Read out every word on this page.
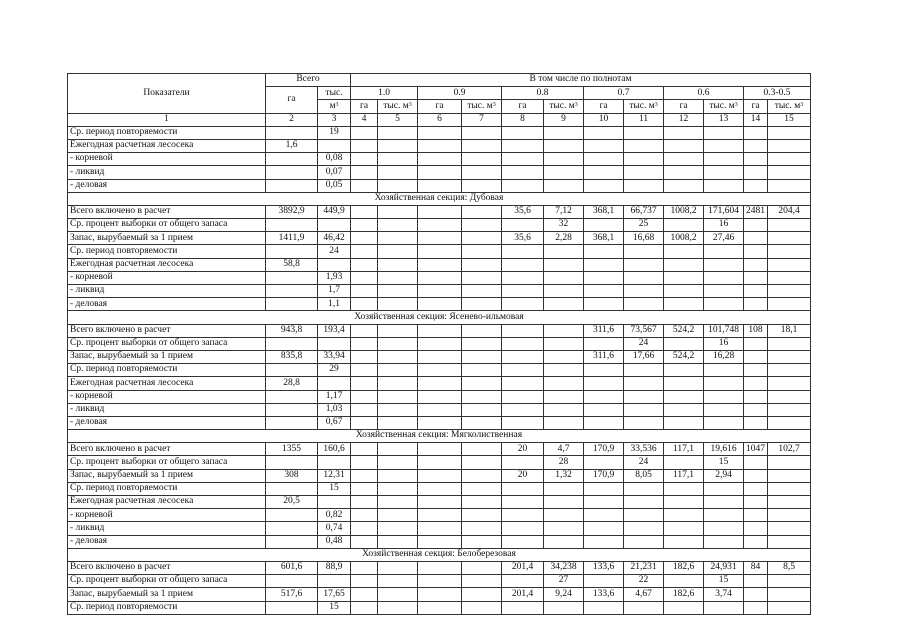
Показатели	Всего		В том числе по полнотам											
	га	тыс.	1.0		0.9		0.8		0.7		0.6		0.3-0.5	
		$м^3$	га	тыс. $м^3$	га	тыс. $м^3$	га	тыс. $м^3$	га	тыс. $м^3$	га	тыс. $м^3$	га	тыс. $м^3$
1	2	3	4	5	6	7	8	9	10	11	12	13	14	15
Ср. период повторяемости		19												
Ежегодная расчетная лесосека	1,6													
- корневой		0,08												
- ликвид		0,07												
- деловая		0,05												
Хозяйственная секция: Дубовая														
Всего включено в расчет	3892,9	449,9					35,6	7,12	368,1	66,737	1008,2	171,604	2481	204,4
Ср. процент выборки от общего запаса								32		25		16		
Запас, вырубаемый за 1 прием	1411,9	46,42					35,6	2,28	368,1	16,68	1008,2	27,46		
Ср. период повторяемости		24												
Ежегодная расчетная лесосека	58,8													
- корневой		1,93												
- ликвид		1,7												
- деловая		1,1												
Хозяйственная секция: Ясенево-ильмовая														
Всего включено в расчет	943,8	193,4							311,6	73,567	524,2	101,748	108	18,1
Ср. процент выборки от общего запаса										24		16		
Запас, вырубаемый за 1 прием	835,8	33,94							311,6	17,66	524,2	16,28		
Ср. период повторяемости		29												
Ежегодная расчетная лесосека	28,8													
- корневой		1,17												
- ликвид		1,03												
- деловая		0,67												
Хозяйственная секция: Мягколиственная														
Всего включено в расчет	1355	160,6					20	4,7	170,9	33,536	117,1	19,616	1047	102,7
Ср. процент выборки от общего запаса								28		24		15		
Запас, вырубаемый за 1 прием	308	12,31					20	1,32	170,9	8,05	117,1	2,94		
Ср. период повторяемости		15												
Ежегодная расчетная лесосека	20,5													
- корневой		0,82												
- ликвид		0,74												
- деловая		0,48												
Хозяйственная секция: Белоберезовая														
Всего включено в расчет	601,6	88,9					201,4	34,238	133,6	21,231	182,6	24,931	84	8,5
Ср. процент выборки от общего запаса								27		22		15		
Запас, вырубаемый за 1 прием	517,6	17,65					201,4	9,24	133,6	4,67	182,6	3,74		
Ср. период повторяемости		15												
